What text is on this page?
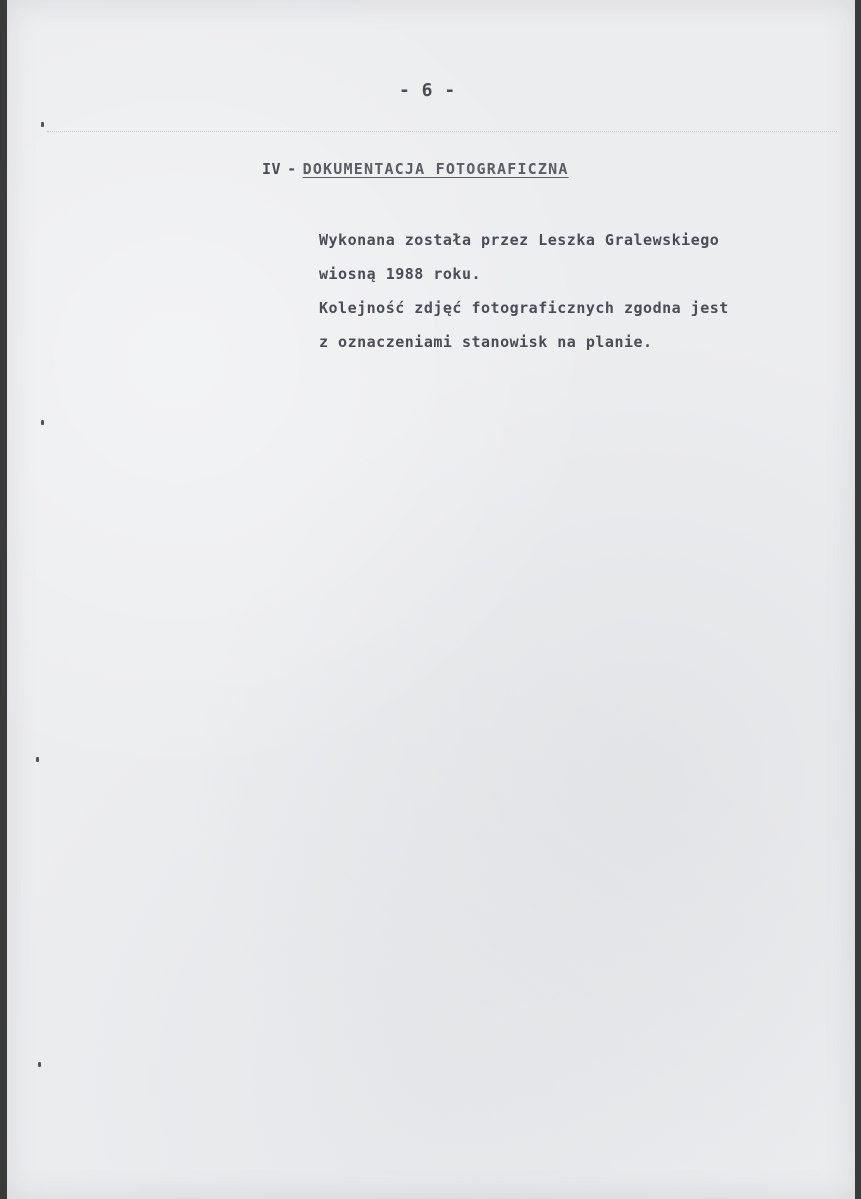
- 6 -
IV - DOKUMENTACJA FOTOGRAFICZNA
Wykonana została przez Leszka Gralewskiego
wiosną 1988 roku.
Kolejność zdjęć fotograficznych zgodna jest
z oznaczeniami stanowisk na planie.
